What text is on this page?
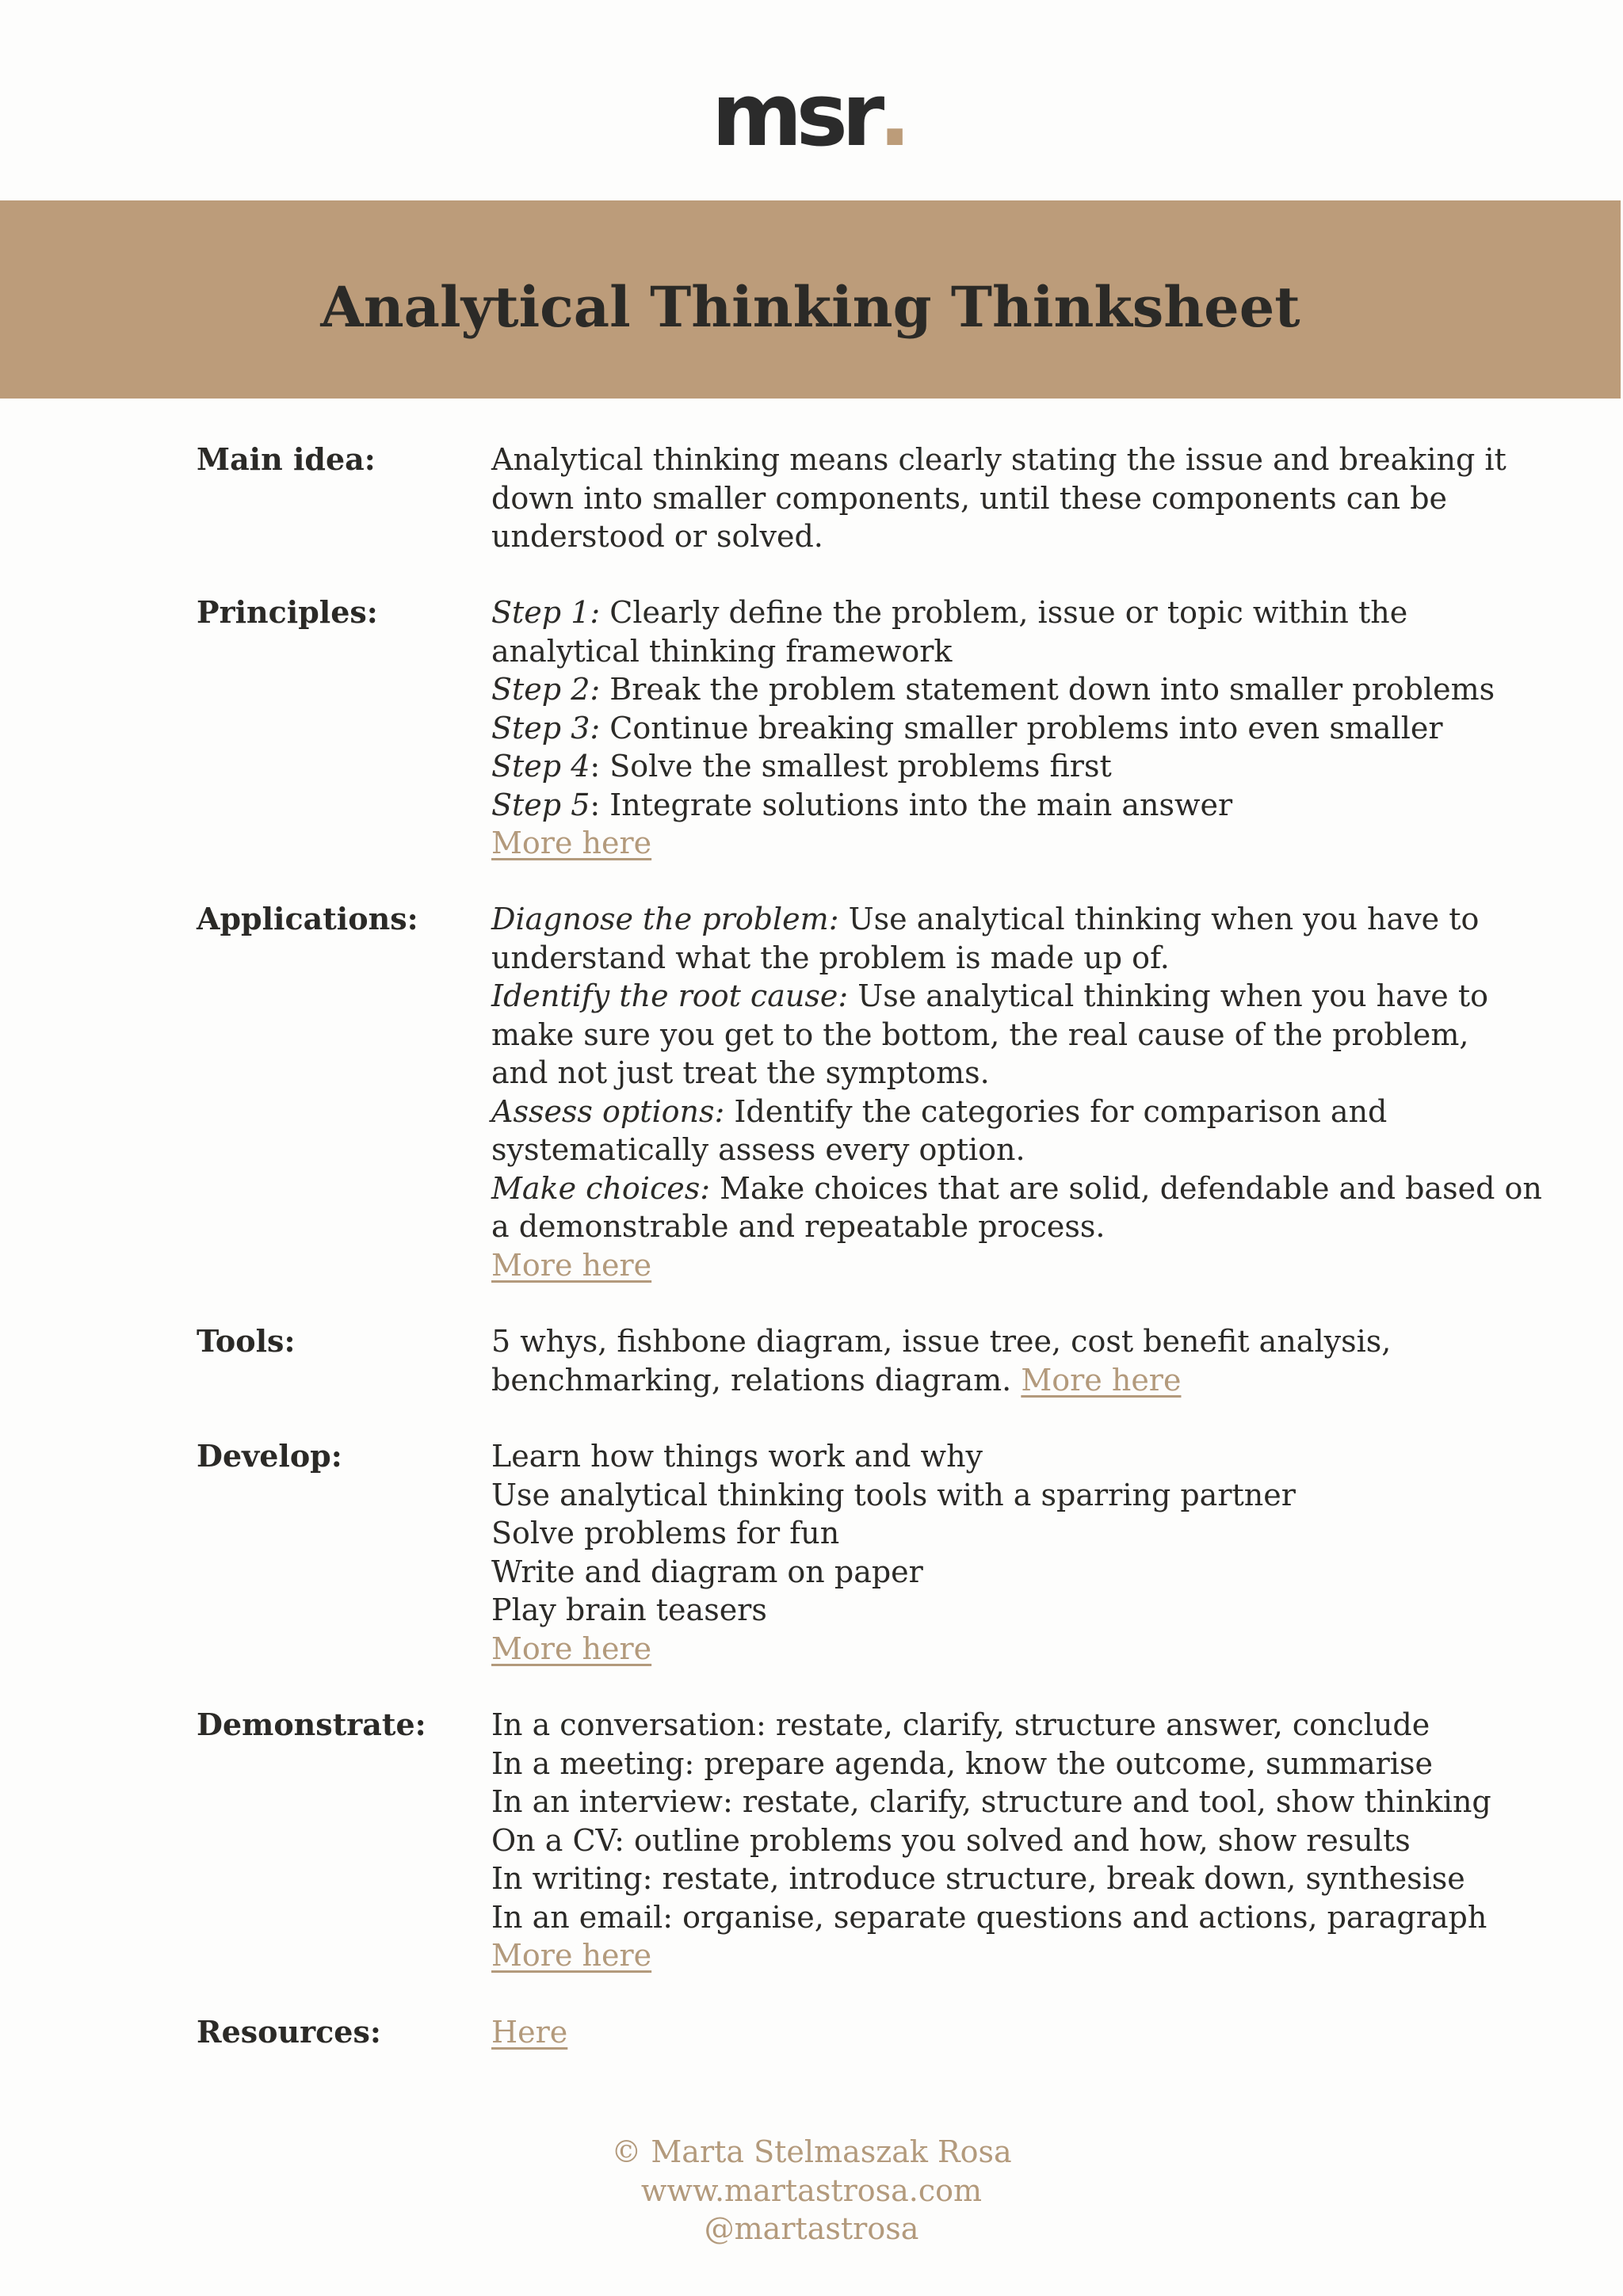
msr.
Analytical Thinking Thinksheet
Main idea:	Analytical thinking means clearly stating the issue and breaking it
down into smaller components, until these components can be
understood or solved.
Principles:	Step 1: Clearly define the problem, issue or topic within the
analytical thinking framework
Step 2: Break the problem statement down into smaller problems
Step 3: Continue breaking smaller problems into even smaller
Step 4: Solve the smallest problems first
Step 5: Integrate solutions into the main answer
More here
Applications: Diagnose the problem: Use analytical thinking when you have to
understand what the problem is made up of.
Identify the root cause: Use analytical thinking when you have to
make sure you get to the bottom, the real cause of the problem,
and not just treat the symptoms.
Assess options: Identify the categories for comparison and
systematically assess every option.
Make choices: Make choices that are solid, defendable and based on
a demonstrable and repeatable process.
More here
Tools:	5 whys, fishbone diagram, issue tree, cost benefit analysis,
benchmarking, relations diagram. More here
Develop:	Learn how things work and why
Use analytical thinking tools with a sparring partner
Solve problems for fun
Write and diagram on paper
Play brain teasers
More here
Demonstrate: In a conversation: restate, clarify, structure answer, conclude
In a meeting: prepare agenda, know the outcome, summarise
In an interview: restate, clarify, structure and tool, show thinking
On a CV: outline problems you solved and how, show results
In writing: restate, introduce structure, break down, synthesise
In an email: organise, separate questions and actions, paragraph
More here
Resources:	Here
© Marta Stelmaszak Rosa
www.martastrosa.com
@martastrosa
